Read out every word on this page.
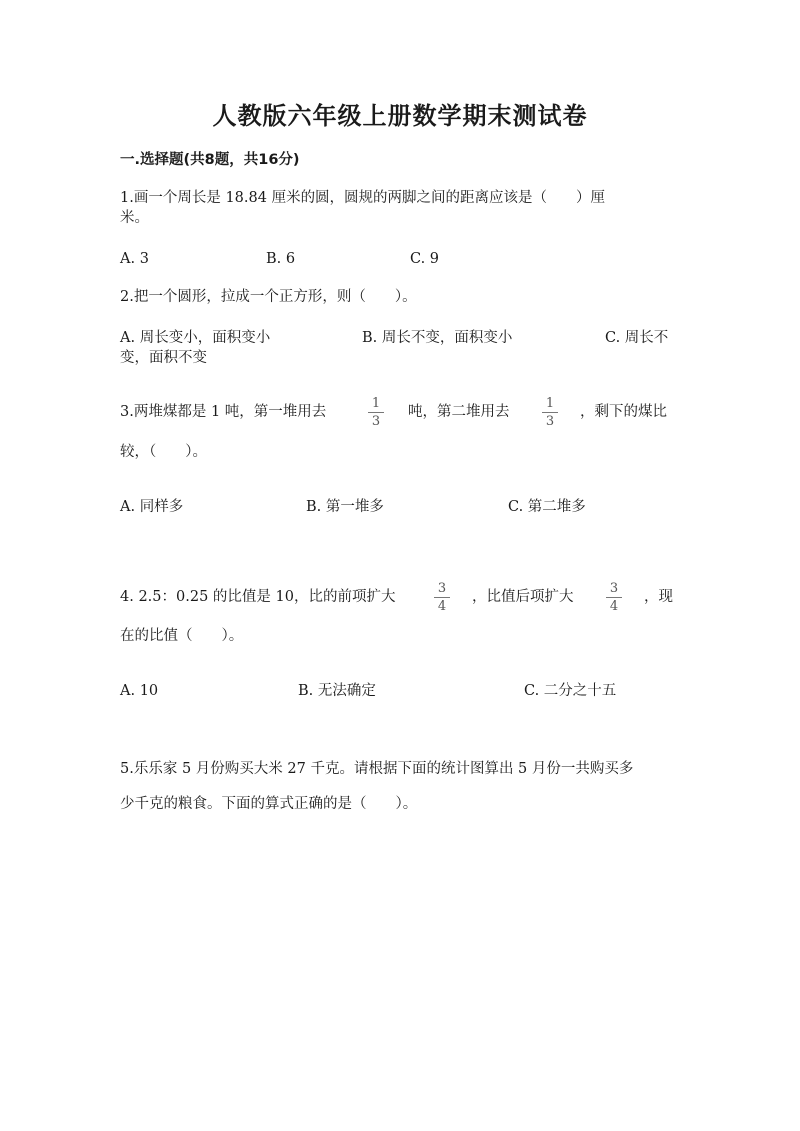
人教版六年级上册数学期末测试卷
一.选择题(共8题，共16分)
1.画一个周长是 18.84 厘米的圆，圆规的两脚之间的距离应该是（　　）厘
米。
A. 3	B. 6	C. 9
2.把一个圆形，拉成一个正方形，则（　　）。
A. 周长变小，面积变小	B. 周长不变，面积变小	C. 周长不
变，面积不变
3.两堆煤都是 1 吨，第一堆用去
1
3
吨，第二堆用去
1
3
，剩下的煤比
较，（　　）。
A. 同样多	B. 第一堆多	C. 第二堆多
4. 2.5：0.25 的比值是 10，比的前项扩大
3
4
，比值后项扩大
3
4
，现
在的比值（　　）。
A. 10	B. 无法确定	C. 二分之十五
5.乐乐家 5 月份购买大米 27 千克。请根据下面的统计图算出 5 月份一共购买多
少千克的粮食。下面的算式正确的是（　　）。
